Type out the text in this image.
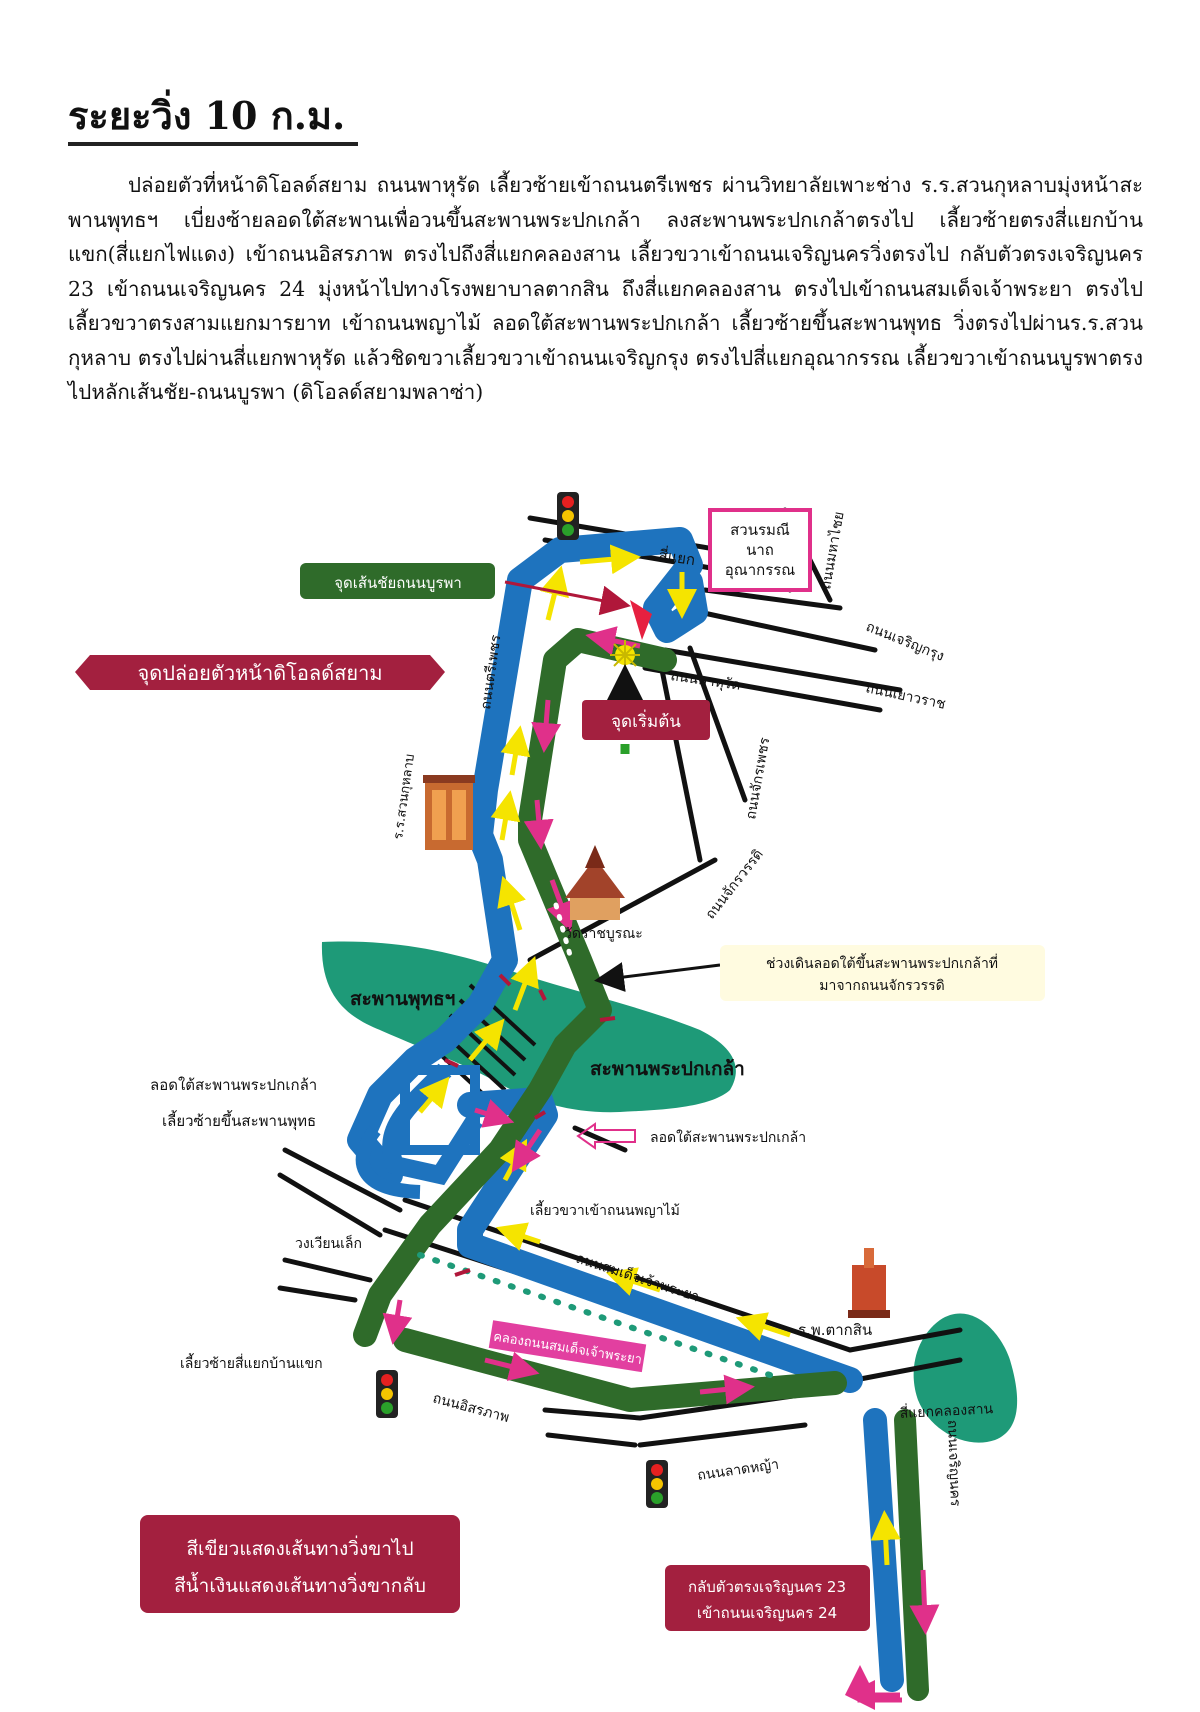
ระยะวิ่ง 10 ก.ม.

ปล่อยตัวที่หน้าดิโอลด์สยาม ถนนพาหุรัด เลี้ยวซ้ายเข้าถนนตรีเพชร ผ่านวิทยาลัยเพาะช่าง ร.ร.สวนกุหลาบมุ่งหน้าสะพานพุทธฯ เบี่ยงซ้ายลอดใต้สะพานเพื่อวนขึ้นสะพานพระปกเกล้า ลงสะพานพระปกเกล้าตรงไป เลี้ยวซ้ายตรงสี่แยกบ้านแขก(สี่แยกไฟแดง) เข้าถนนอิสรภาพ ตรงไปถึงสี่แยกคลองสาน เลี้ยวขวาเข้าถนนเจริญนครวิ่งตรงไป กลับตัวตรงเจริญนคร 23 เข้าถนนเจริญนคร 24 มุ่งหน้าไปทางโรงพยาบาลตากสิน ถึงสี่แยกคลองสาน ตรงไปเข้าถนนสมเด็จเจ้าพระยา ตรงไปเลี้ยวขวาตรงสามแยกมารยาท เข้าถนนพญาไม้ ลอดใต้สะพานพระปกเกล้า เลี้ยวซ้ายขึ้นสะพานพุทธ วิ่งตรงไปผ่านร.ร.สวนกุหลาบ ตรงไปผ่านสี่แยกพาหุรัด แล้วชิดขวาเลี้ยวขวาเข้าถนนเจริญกรุง ตรงไปสี่แยกอุณากรรณ เลี้ยวขวาเข้าถนนบูรพาตรงไปหลักเส้นชัย-ถนนบูรพา (ดิโอลด์สยามพลาซ่า)

สวนรมณี
นาถ
อุณากรรณ
จุดเส้นชัยถนนบูรพา
จุดปล่อยตัวหน้าดิโอลด์สยาม
จุดเริ่มต้น
ช่วงเดินลอดใต้ขึ้นสะพานพระปกเกล้าที่
มาจากถนนจักรวรรดิ
สีเขียวแสดงเส้นทางวิ่งขาไป
สีน้ำเงินแสดงเส้นทางวิ่งขากลับ	กลับตัวตรงเจริญนคร 23
เข้าถนนเจริญนคร 24
คลองถนนสมเด็จเจ้าพระยา
สี่แยก	ถนนมหาไชย
ถนนเจริญกรุง
ถนนพาหุรัด	ถนนเยาวราช
ถนนจักรเพชร
ถนนตรีเพชร
ร.ร.สวนกุหลาบ
ถนนจักรวรรดิ
วัดราชบูรณะ
สะพานพุทธฯ
สะพานพระปกเกล้า
ลอดใต้สะพานพระปกเกล้า
เลี้ยวซ้ายขึ้นสะพานพุทธ
ลอดใต้สะพานพระปกเกล้า
เลี้ยวขวาเข้าถนนพญาไม้
วงเวียนเล็ก
ถนนสมเด็จเจ้าพระยา
ร.พ.ตากสิน
เลี้ยวซ้ายสี่แยกบ้านแขก
ถนนอิสรภาพ
ถนนลาดหญ้า
สี่แยกคลองสาน
ถนนเจริญนคร
